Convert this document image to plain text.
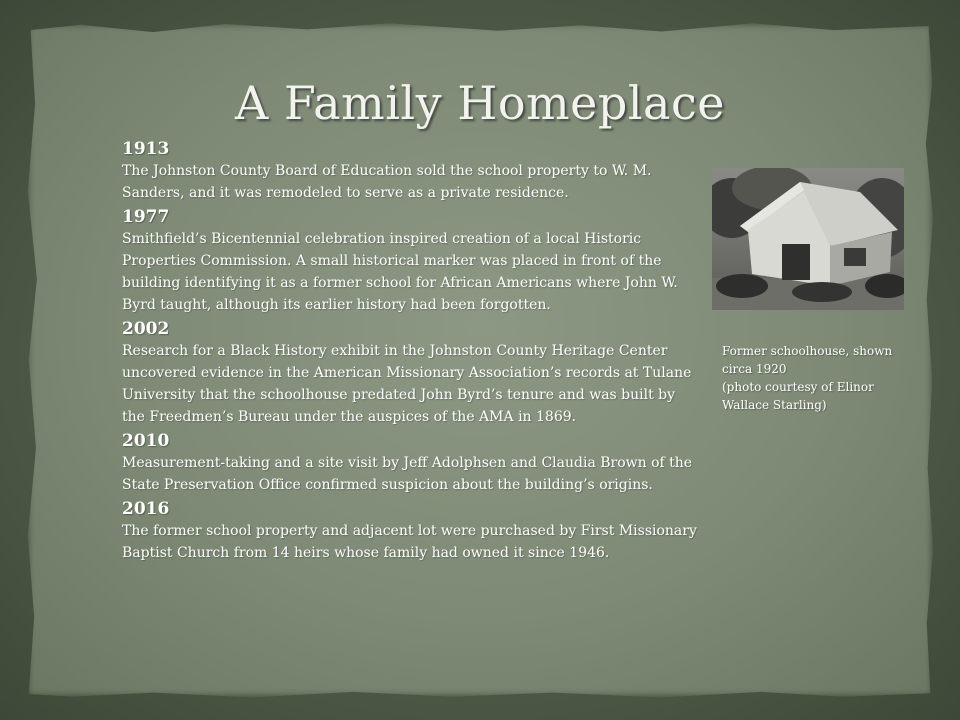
A Family Homeplace
1913
The Johnston County Board of Education sold the school property to W. M. Sanders, and it was remodeled to serve as a private residence.
1977
Smithfield’s Bicentennial celebration inspired creation of a local Historic Properties Commission. A small historical marker was placed in front of the building identifying it as a former school for African Americans where John W. Byrd taught, although its earlier history had been forgotten.
2002
Research for a Black History exhibit in the Johnston County Heritage Center uncovered evidence in the American Missionary Association’s records at Tulane University that the schoolhouse predated John Byrd’s tenure and was built by the Freedmen’s Bureau under the auspices of the AMA in 1869.
2010
Measurement-taking and a site visit by Jeff Adolphsen and Claudia Brown of the State Preservation Office confirmed suspicion about the building’s origins.
2016
The former school property and adjacent lot were purchased by First Missionary Baptist Church from 14 heirs whose family had owned it since 1946.
Former schoolhouse, shown circa 1920
(photo courtesy of Elinor Wallace Starling)
